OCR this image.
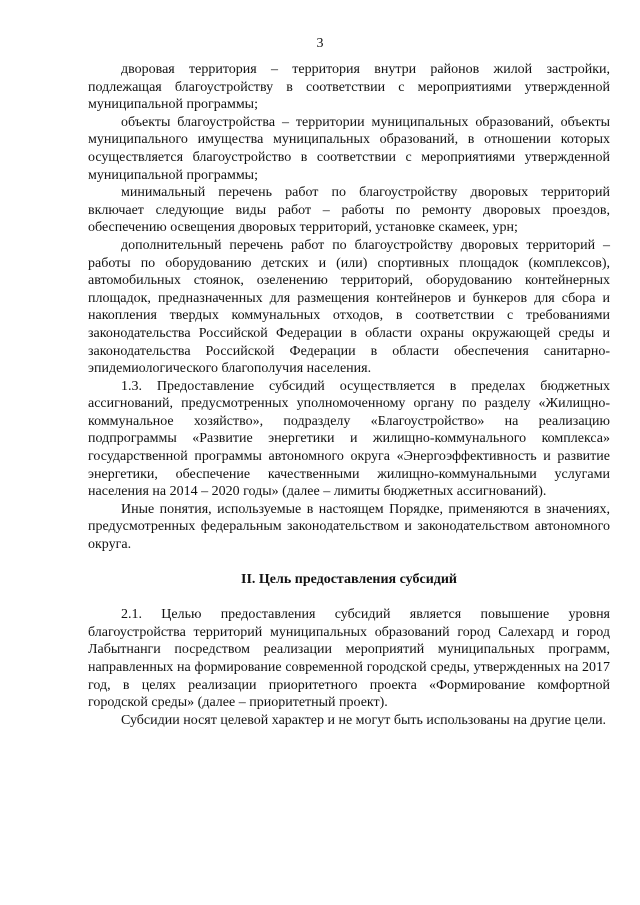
3

дворовая территория – территория внутри районов жилой застройки, подлежащая благоустройству в соответствии с мероприятиями утвержденной муниципальной программы;

объекты благоустройства – территории муниципальных образований, объекты муниципального имущества муниципальных образований, в отношении которых осуществляется благоустройство в соответствии с мероприятиями утвержденной муниципальной программы;

минимальный перечень работ по благоустройству дворовых территорий включает следующие виды работ – работы по ремонту дворовых проездов, обеспечению освещения дворовых территорий, установке скамеек, урн;

дополнительный перечень работ по благоустройству дворовых территорий – работы по оборудованию детских и (или) спортивных площадок (комплексов), автомобильных стоянок, озеленению территорий, оборудованию контейнерных площадок, предназначенных для размещения контейнеров и бункеров для сбора и накопления твердых коммунальных отходов, в соответствии с требованиями законодательства Российской Федерации в области охраны окружающей среды и законодательства Российской Федерации в области обеспечения санитарно-эпидемиологического благополучия населения.

1.3. Предоставление субсидий осуществляется в пределах бюджетных ассигнований, предусмотренных уполномоченному органу по разделу «Жилищно-коммунальное хозяйство», подразделу «Благоустройство» на реализацию подпрограммы «Развитие энергетики и жилищно-коммунального комплекса» государственной программы автономного округа «Энергоэффективность и развитие энергетики, обеспечение качественными жилищно-коммунальными услугами населения на 2014 – 2020 годы» (далее – лимиты бюджетных ассигнований).

Иные понятия, используемые в настоящем Порядке, применяются в значениях, предусмотренных федеральным законодательством и законодательством автономного округа.

II. Цель предоставления субсидий

2.1. Целью предоставления субсидий является повышение уровня благоустройства территорий муниципальных образований город Салехард и город Лабытнанги посредством реализации мероприятий муниципальных программ, направленных на формирование современной городской среды, утвержденных на 2017 год, в целях реализации приоритетного проекта «Формирование комфортной городской среды» (далее – приоритетный проект).

Субсидии носят целевой характер и не могут быть использованы на другие цели.
